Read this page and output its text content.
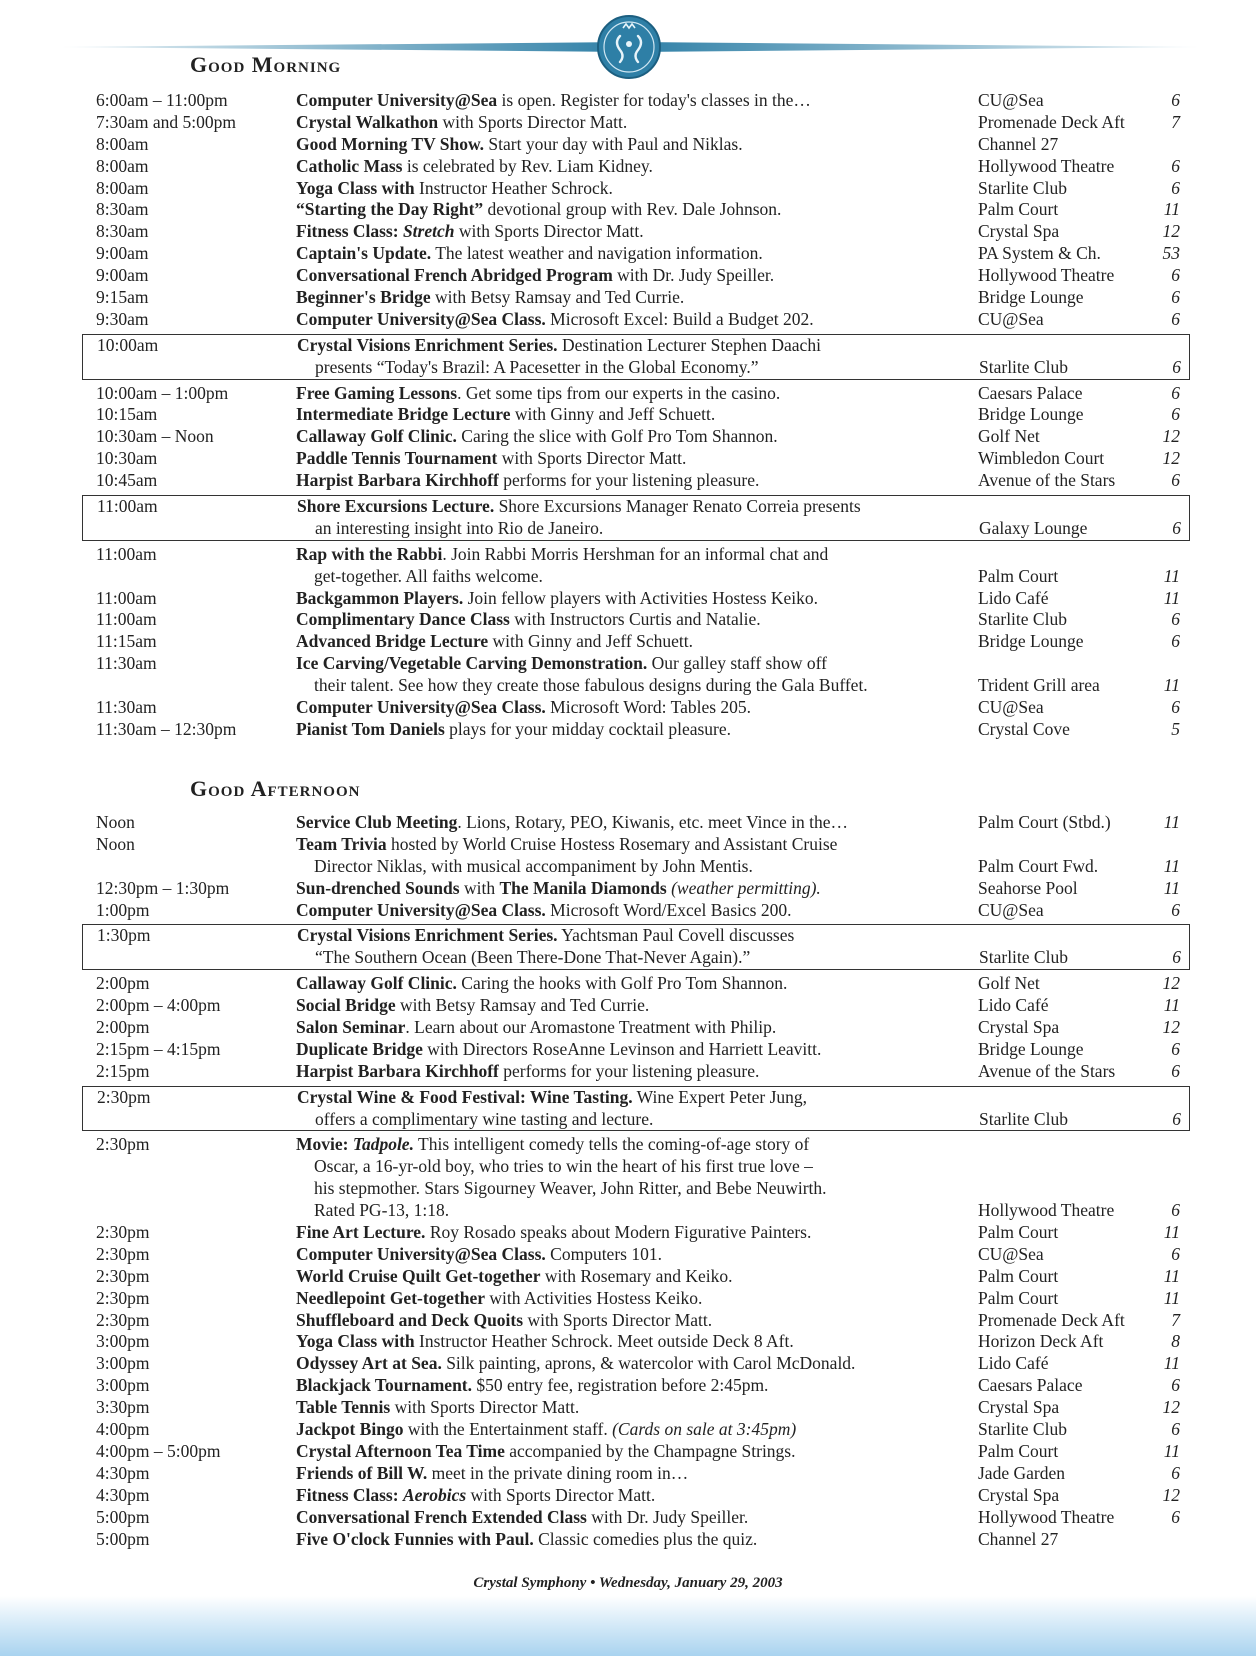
Good Morning
6:00am – 11:00pm	Computer University@Sea is open. Register for today's classes in the…	CU@Sea	6
7:30am and 5:00pm	Crystal Walkathon with Sports Director Matt.	Promenade Deck Aft	7
8:00am	Good Morning TV Show. Start your day with Paul and Niklas.	Channel 27
8:00am	Catholic Mass is celebrated by Rev. Liam Kidney.	Hollywood Theatre	6
8:00am	Yoga Class with Instructor Heather Schrock.	Starlite Club	6
8:30am	“Starting the Day Right” devotional group with Rev. Dale Johnson.	Palm Court	11
8:30am	Fitness Class: Stretch with Sports Director Matt.	Crystal Spa	12
9:00am	Captain's Update. The latest weather and navigation information.	PA System & Ch.	53
9:00am	Conversational French Abridged Program with Dr. Judy Speiller.	Hollywood Theatre	6
9:15am	Beginner's Bridge with Betsy Ramsay and Ted Currie.	Bridge Lounge	6
9:30am	Computer University@Sea Class. Microsoft Excel: Build a Budget 202.	CU@Sea	6
10:00am	Crystal Visions Enrichment Series. Destination Lecturer Stephen Daachi
presents “Today's Brazil: A Pacesetter in the Global Economy.”	Starlite Club	6
10:00am – 1:00pm	Free Gaming Lessons. Get some tips from our experts in the casino.	Caesars Palace	6
10:15am	Intermediate Bridge Lecture with Ginny and Jeff Schuett.	Bridge Lounge	6
10:30am – Noon	Callaway Golf Clinic. Caring the slice with Golf Pro Tom Shannon.	Golf Net	12
10:30am	Paddle Tennis Tournament with Sports Director Matt.	Wimbledon Court	12
10:45am	Harpist Barbara Kirchhoff performs for your listening pleasure.	Avenue of the Stars	6
11:00am	Shore Excursions Lecture. Shore Excursions Manager Renato Correia presents
an interesting insight into Rio de Janeiro.	Galaxy Lounge	6
11:00am	Rap with the Rabbi. Join Rabbi Morris Hershman for an informal chat and
get-together. All faiths welcome.	Palm Court	11
11:00am	Backgammon Players. Join fellow players with Activities Hostess Keiko.	Lido Café	11
11:00am	Complimentary Dance Class with Instructors Curtis and Natalie.	Starlite Club	6
11:15am	Advanced Bridge Lecture with Ginny and Jeff Schuett.	Bridge Lounge	6
11:30am	Ice Carving/Vegetable Carving Demonstration. Our galley staff show off
their talent. See how they create those fabulous designs during the Gala Buffet.	Trident Grill area	11
11:30am	Computer University@Sea Class. Microsoft Word: Tables 205.	CU@Sea	6
11:30am – 12:30pm	Pianist Tom Daniels plays for your midday cocktail pleasure.	Crystal Cove	5
Good Afternoon
Noon	Service Club Meeting. Lions, Rotary, PEO, Kiwanis, etc. meet Vince in the…	Palm Court (Stbd.)	11
Noon	Team Trivia hosted by World Cruise Hostess Rosemary and Assistant Cruise
Director Niklas, with musical accompaniment by John Mentis.	Palm Court Fwd.	11
12:30pm – 1:30pm	Sun-drenched Sounds with The Manila Diamonds (weather permitting).	Seahorse Pool	11
1:00pm	Computer University@Sea Class. Microsoft Word/Excel Basics 200.	CU@Sea	6
1:30pm	Crystal Visions Enrichment Series. Yachtsman Paul Covell discusses
“The Southern Ocean (Been There-Done That-Never Again).”	Starlite Club	6
2:00pm	Callaway Golf Clinic. Caring the hooks with Golf Pro Tom Shannon.	Golf Net	12
2:00pm – 4:00pm	Social Bridge with Betsy Ramsay and Ted Currie.	Lido Café	11
2:00pm	Salon Seminar. Learn about our Aromastone Treatment with Philip.	Crystal Spa	12
2:15pm – 4:15pm	Duplicate Bridge with Directors RoseAnne Levinson and Harriett Leavitt.	Bridge Lounge	6
2:15pm	Harpist Barbara Kirchhoff performs for your listening pleasure.	Avenue of the Stars	6
2:30pm	Crystal Wine & Food Festival: Wine Tasting. Wine Expert Peter Jung,
offers a complimentary wine tasting and lecture.	Starlite Club	6
2:30pm	Movie: Tadpole. This intelligent comedy tells the coming-of-age story of
Oscar, a 16-yr-old boy, who tries to win the heart of his first true love –
his stepmother. Stars Sigourney Weaver, John Ritter, and Bebe Neuwirth.
Rated PG-13, 1:18.	Hollywood Theatre	6
2:30pm	Fine Art Lecture. Roy Rosado speaks about Modern Figurative Painters.	Palm Court	11
2:30pm	Computer University@Sea Class. Computers 101.	CU@Sea	6
2:30pm	World Cruise Quilt Get-together with Rosemary and Keiko.	Palm Court	11
2:30pm	Needlepoint Get-together with Activities Hostess Keiko.	Palm Court	11
2:30pm	Shuffleboard and Deck Quoits with Sports Director Matt.	Promenade Deck Aft	7
3:00pm	Yoga Class with Instructor Heather Schrock. Meet outside Deck 8 Aft.	Horizon Deck Aft	8
3:00pm	Odyssey Art at Sea. Silk painting, aprons, & watercolor with Carol McDonald.	Lido Café	11
3:00pm	Blackjack Tournament. $50 entry fee, registration before 2:45pm.	Caesars Palace	6
3:30pm	Table Tennis with Sports Director Matt.	Crystal Spa	12
4:00pm	Jackpot Bingo with the Entertainment staff. (Cards on sale at 3:45pm)	Starlite Club	6
4:00pm – 5:00pm	Crystal Afternoon Tea Time accompanied by the Champagne Strings.	Palm Court	11
4:30pm	Friends of Bill W. meet in the private dining room in…	Jade Garden	6
4:30pm	Fitness Class: Aerobics with Sports Director Matt.	Crystal Spa	12
5:00pm	Conversational French Extended Class with Dr. Judy Speiller.	Hollywood Theatre	6
5:00pm	Five O'clock Funnies with Paul. Classic comedies plus the quiz.	Channel 27
Crystal Symphony • Wednesday, January 29, 2003
